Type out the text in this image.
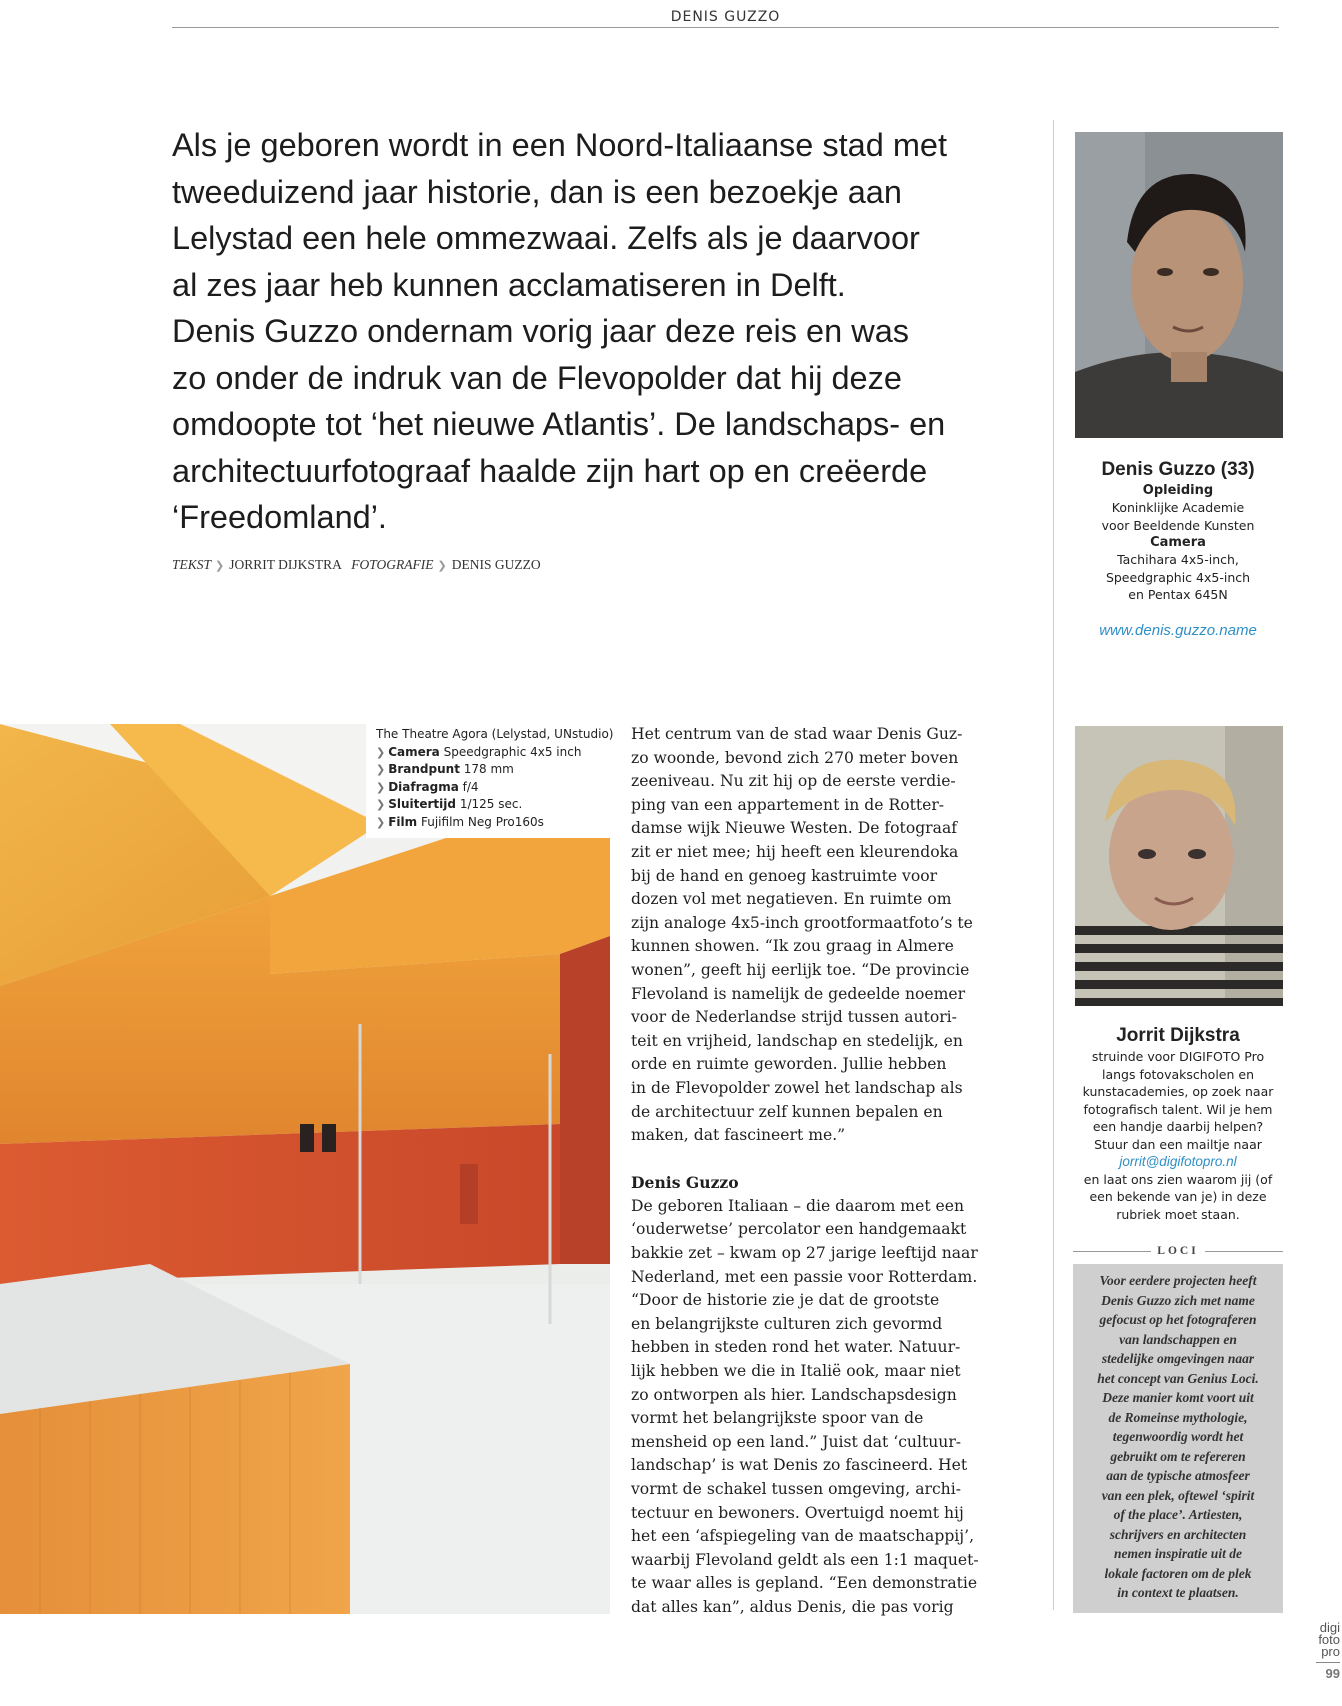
DENIS GUZZO
Als je geboren wordt in een Noord-Italiaanse stad met
tweeduizend jaar historie, dan is een bezoekje aan
Lelystad een hele ommezwaai. Zelfs als je daarvoor
al zes jaar heb kunnen acclamatiseren in Delft.
Denis Guzzo ondernam vorig jaar deze reis en was
zo onder de indruk van de Flevopolder dat hij deze
omdoopte tot ‘het nieuwe Atlantis’. De landschaps- en
architectuurfotograaf haalde zijn hart op en creëerde
‘Freedomland’.
TEKST ❯ JORRIT DIJKSTRA FOTOGRAFIE ❯ DENIS GUZZO
Denis Guzzo (33)
Opleiding
Koninklijke Academie
voor Beeldende Kunsten
Camera
Tachihara 4x5-inch,
Speedgraphic 4x5-inch
en Pentax 645N
www.denis.guzzo.name
Jorrit Dijkstra
struinde voor DIGIFOTO Pro
langs fotovakscholen en
kunstacademies, op zoek naar
fotografisch talent. Wil je hem
een handje daarbij helpen?
Stuur dan een mailtje naar
jorrit@digifotopro.nl
en laat ons zien waarom jij (of
een bekende van je) in deze
rubriek moet staan.
LOCI
Voor eerdere projecten heeft
Denis Guzzo zich met name
gefocust op het fotograferen
van landschappen en
stedelijke omgevingen naar
het concept van Genius Loci.
Deze manier komt voort uit
de Romeinse mythologie,
tegenwoordig wordt het
gebruikt om te refereren
aan de typische atmosfeer
van een plek, oftewel ‘spirit
of the place’. Artiesten,
schrijvers en architecten
nemen inspiratie uit de
lokale factoren om de plek
in context te plaatsen.
The Theatre Agora (Lelystad, UNstudio)
❯ Camera Speedgraphic 4x5 inch
❯ Brandpunt 178 mm
❯ Diafragma f/4
❯ Sluitertijd 1/125 sec.
❯ Film Fujifilm Neg Pro160s
Het centrum van de stad waar Denis Guz-
zo woonde, bevond zich 270 meter boven
zeeniveau. Nu zit hij op de eerste verdie-
ping van een appartement in de Rotter-
damse wijk Nieuwe Westen. De fotograaf
zit er niet mee; hij heeft een kleurendoka
bij de hand en genoeg kastruimte voor
dozen vol met negatieven. En ruimte om
zijn analoge 4x5-inch grootformaatfoto’s te
kunnen showen. “Ik zou graag in Almere
wonen”, geeft hij eerlijk toe. “De provincie
Flevoland is namelijk de gedeelde noemer
voor de Nederlandse strijd tussen autori-
teit en vrijheid, landschap en stedelijk, en
orde en ruimte geworden. Jullie hebben
in de Flevopolder zowel het landschap als
de architectuur zelf kunnen bepalen en
maken, dat fascineert me.”
Denis Guzzo
De geboren Italiaan – die daarom met een
‘ouderwetse’ percolator een handgemaakt
bakkie zet – kwam op 27 jarige leeftijd naar
Nederland, met een passie voor Rotterdam.
“Door de historie zie je dat de grootste
en belangrijkste culturen zich gevormd
hebben in steden rond het water. Natuur-
lijk hebben we die in Italië ook, maar niet
zo ontworpen als hier. Landschapsdesign
vormt het belangrijkste spoor van de
mensheid op een land.” Juist dat ‘cultuur-
landschap’ is wat Denis zo fascineerd. Het
vormt de schakel tussen omgeving, archi-
tectuur en bewoners. Overtuigd noemt hij
het een ‘afspiegeling van de maatschappij’,
waarbij Flevoland geldt als een 1:1 maquet-
te waar alles is gepland. “Een demonstratie
dat alles kan”, aldus Denis, die pas vorig
digi
foto
pro
99
